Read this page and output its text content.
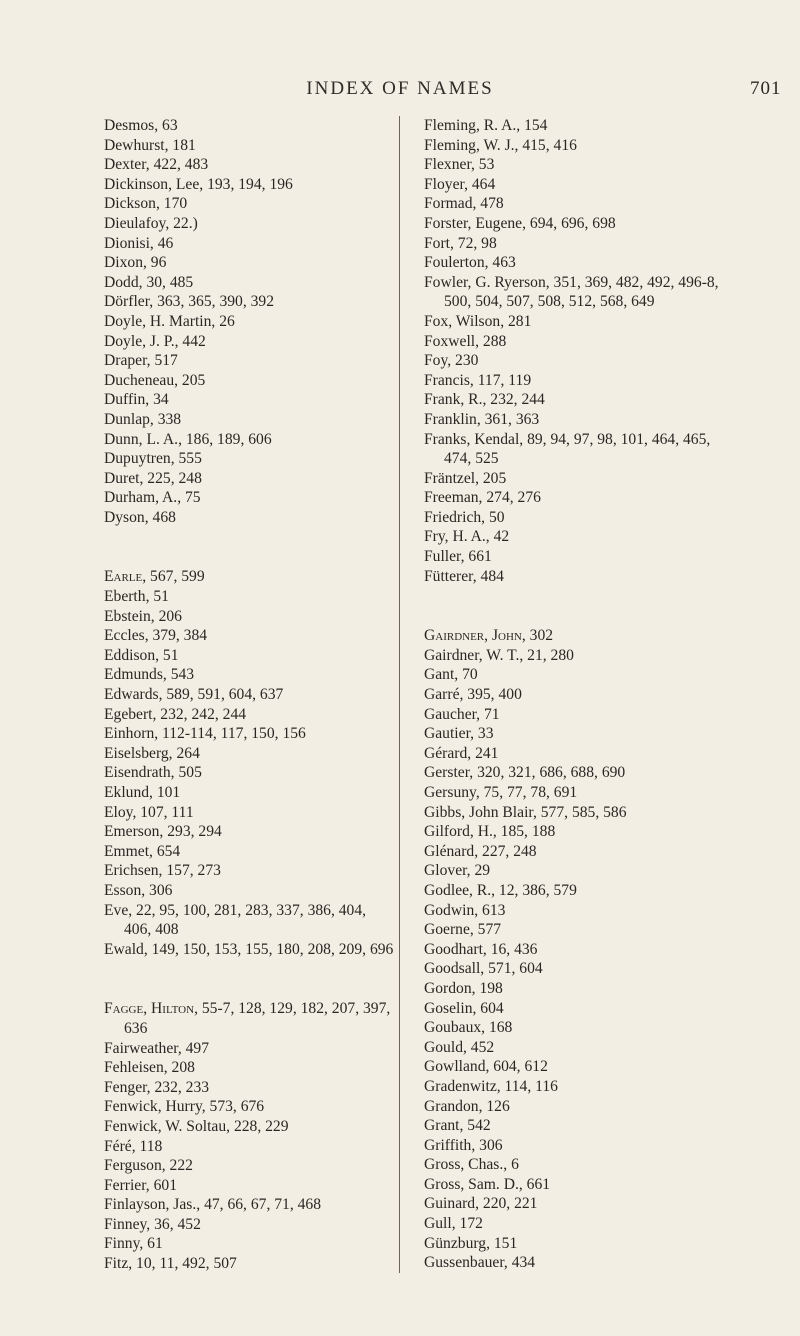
INDEX OF NAMES	701
Desmos, 63
Dewhurst, 181
Dexter, 422, 483
Dickinson, Lee, 193, 194, 196
Dickson, 170
Dieulafoy, 22.)
Dionisi, 46
Dixon, 96
Dodd, 30, 485
Dörfler, 363, 365, 390, 392
Doyle, H. Martin, 26
Doyle, J. P., 442
Draper, 517
Ducheneau, 205
Duffin, 34
Dunlap, 338
Dunn, L. A., 186, 189, 606
Dupuytren, 555
Duret, 225, 248
Durham, A., 75
Dyson, 468
Earle, 567, 599
Eberth, 51
Ebstein, 206
Eccles, 379, 384
Eddison, 51
Edmunds, 543
Edwards, 589, 591, 604, 637
Egebert, 232, 242, 244
Einhorn, 112-114, 117, 150, 156
Eiselsberg, 264
Eisendrath, 505
Eklund, 101
Eloy, 107, 111
Emerson, 293, 294
Emmet, 654
Erichsen, 157, 273
Esson, 306
Eve, 22, 95, 100, 281, 283, 337, 386, 404, 406, 408
Ewald, 149, 150, 153, 155, 180, 208, 209, 696
Fagge, Hilton, 55-7, 128, 129, 182, 207, 397, 636
Fairweather, 497
Fehleisen, 208
Fenger, 232, 233
Fenwick, Hurry, 573, 676
Fenwick, W. Soltau, 228, 229
Féré, 118
Ferguson, 222
Ferrier, 601
Finlayson, Jas., 47, 66, 67, 71, 468
Finney, 36, 452
Finny, 61
Fitz, 10, 11, 492, 507
Fleming, R. A., 154
Fleming, W. J., 415, 416
Flexner, 53
Floyer, 464
Formad, 478
Forster, Eugene, 694, 696, 698
Fort, 72, 98
Foulerton, 463
Fowler, G. Ryerson, 351, 369, 482, 492, 496-8, 500, 504, 507, 508, 512, 568, 649
Fox, Wilson, 281
Foxwell, 288
Foy, 230
Francis, 117, 119
Frank, R., 232, 244
Franklin, 361, 363
Franks, Kendal, 89, 94, 97, 98, 101, 464, 465, 474, 525
Fräntzel, 205
Freeman, 274, 276
Friedrich, 50
Fry, H. A., 42
Fuller, 661
Fütterer, 484
Gairdner, John, 302
Gairdner, W. T., 21, 280
Gant, 70
Garré, 395, 400
Gaucher, 71
Gautier, 33
Gérard, 241
Gerster, 320, 321, 686, 688, 690
Gersuny, 75, 77, 78, 691
Gibbs, John Blair, 577, 585, 586
Gilford, H., 185, 188
Glénard, 227, 248
Glover, 29
Godlee, R., 12, 386, 579
Godwin, 613
Goerne, 577
Goodhart, 16, 436
Goodsall, 571, 604
Gordon, 198
Goselin, 604
Goubaux, 168
Gould, 452
Gowlland, 604, 612
Gradenwitz, 114, 116
Grandon, 126
Grant, 542
Griffith, 306
Gross, Chas., 6
Gross, Sam. D., 661
Guinard, 220, 221
Gull, 172
Günzburg, 151
Gussenbauer, 434
